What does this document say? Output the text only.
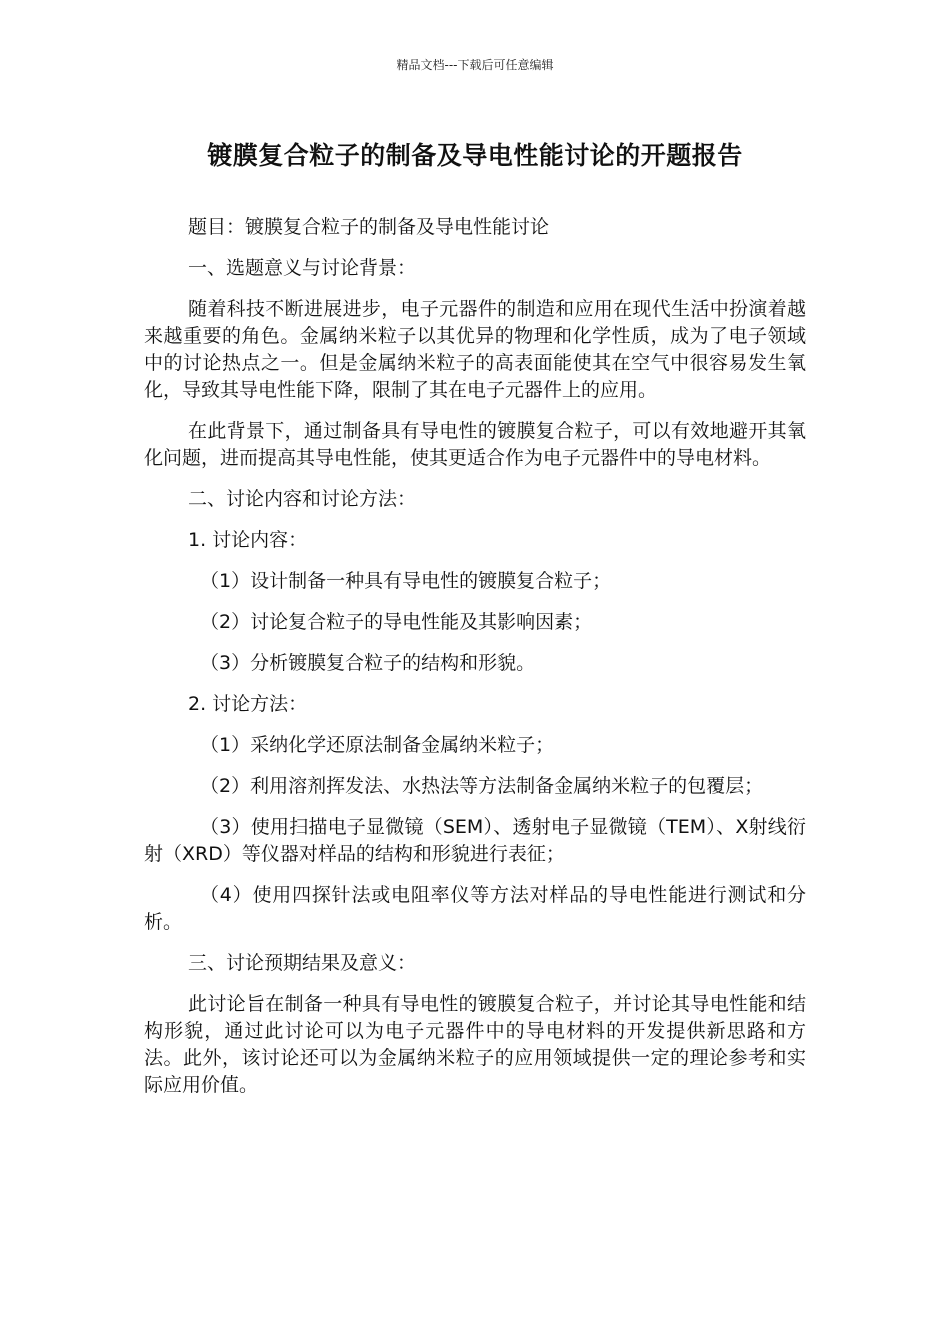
精品文档---下载后可任意编辑
镀膜复合粒子的制备及导电性能讨论的开题报告

题目：镀膜复合粒子的制备及导电性能讨论

一、选题意义与讨论背景：

随着科技不断进展进步，电子元器件的制造和应用在现代生活中扮演着越来越重要的角色。金属纳米粒子以其优异的物理和化学性质，成为了电子领域中的讨论热点之一。但是金属纳米粒子的高表面能使其在空气中很容易发生氧化，导致其导电性能下降，限制了其在电子元器件上的应用。

在此背景下，通过制备具有导电性的镀膜复合粒子，可以有效地避开其氧化问题，进而提高其导电性能，使其更适合作为电子元器件中的导电材料。

二、讨论内容和讨论方法：

1. 讨论内容：

（1）设计制备一种具有导电性的镀膜复合粒子；

（2）讨论复合粒子的导电性能及其影响因素；

（3）分析镀膜复合粒子的结构和形貌。

2. 讨论方法：

（1）采纳化学还原法制备金属纳米粒子；

（2）利用溶剂挥发法、水热法等方法制备金属纳米粒子的包覆层；

（3）使用扫描电子显微镜（SEM）、透射电子显微镜（TEM）、X射线衍射（XRD）等仪器对样品的结构和形貌进行表征；

（4）使用四探针法或电阻率仪等方法对样品的导电性能进行测试和分析。

三、讨论预期结果及意义：

此讨论旨在制备一种具有导电性的镀膜复合粒子，并讨论其导电性能和结构形貌，通过此讨论可以为电子元器件中的导电材料的开发提供新思路和方法。此外，该讨论还可以为金属纳米粒子的应用领域提供一定的理论参考和实际应用价值。
